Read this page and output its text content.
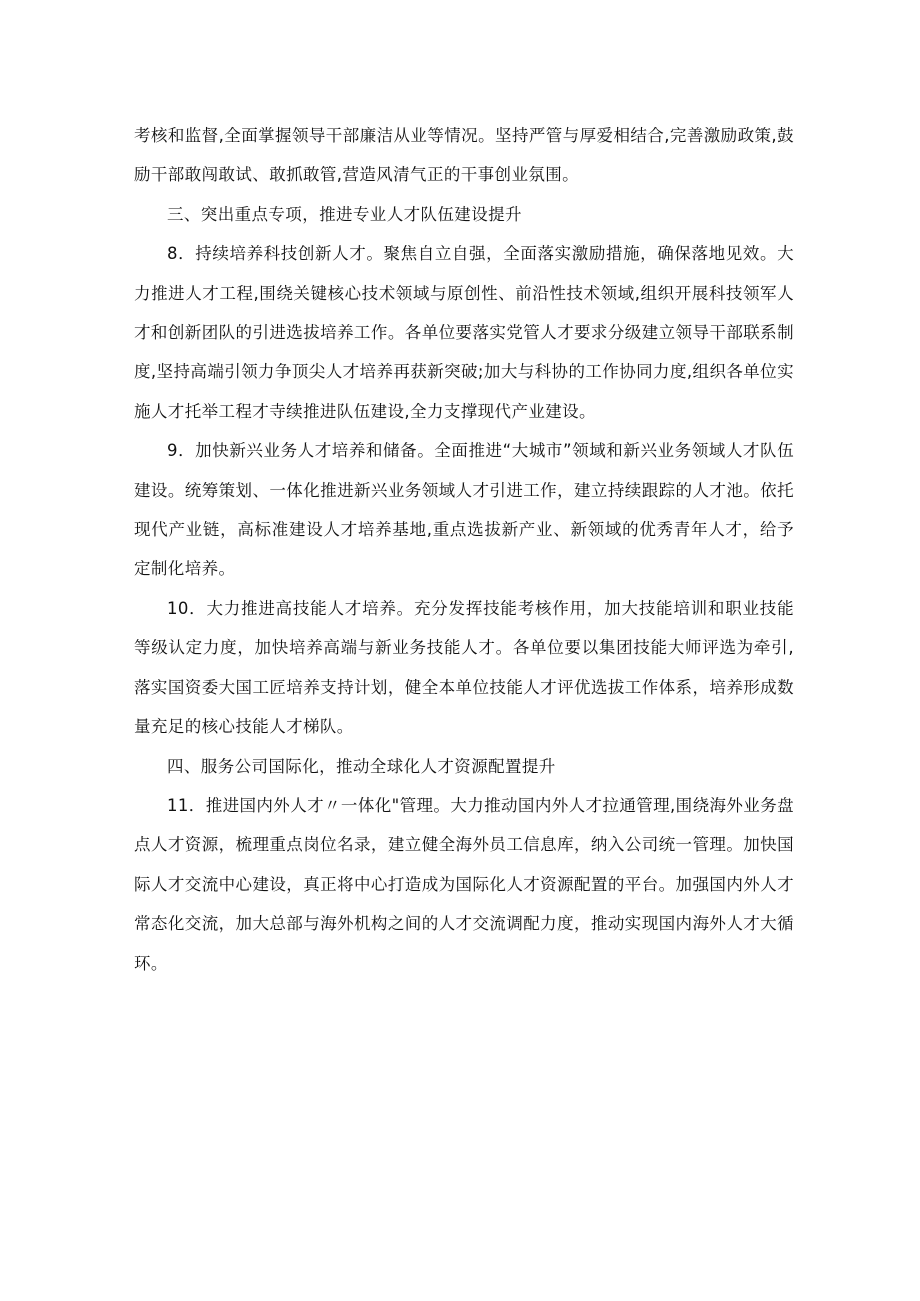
考核和监督,全面掌握领导干部廉洁从业等情况。坚持严管与厚爱相结合,完善激励政策,鼓励干部敢闯敢试、敢抓敢管,营造风清气正的干事创业氛围。

三、突出重点专项，推进专业人才队伍建设提升

8．持续培养科技创新人才。聚焦自立自强，全面落实激励措施，确保落地见效。大力推进人才工程,围绕关键核心技术领域与原创性、前沿性技术领域,组织开展科技领军人才和创新团队的引进选拔培养工作。各单位要落实党管人才要求分级建立领导干部联系制度,坚持高端引领力争顶尖人才培养再获新突破;加大与科协的工作协同力度,组织各单位实施人才托举工程才寺续推进队伍建设,全力支撑现代产业建设。

9．加快新兴业务人才培养和储备。全面推进“大城市”领域和新兴业务领域人才队伍建设。统筹策划、一体化推进新兴业务领域人才引进工作，建立持续跟踪的人才池。依托现代产业链，高标准建设人才培养基地,重点选拔新产业、新领域的优秀青年人才，给予定制化培养。

10．大力推进高技能人才培养。充分发挥技能考核作用，加大技能培训和职业技能等级认定力度，加快培养高端与新业务技能人才。各单位要以集团技能大师评选为牵引,落实国资委大国工匠培养支持计划，健全本单位技能人才评优选拔工作体系，培养形成数量充足的核心技能人才梯队。

四、服务公司国际化，推动全球化人才资源配置提升

11．推进国内外人才〃一体化"管理。大力推动国内外人才拉通管理,围绕海外业务盘点人才资源，梳理重点岗位名录，建立健全海外员工信息库，纳入公司统一管理。加快国际人才交流中心建设，真正将中心打造成为国际化人才资源配置的平台。加强国内外人才常态化交流，加大总部与海外机构之间的人才交流调配力度，推动实现国内海外人才大循环。
